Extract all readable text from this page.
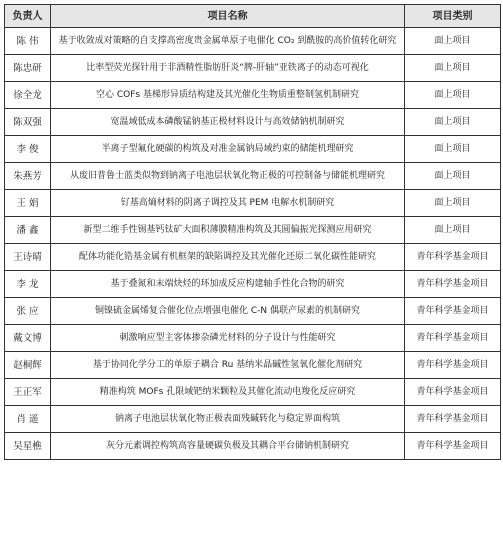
负责人	项目名称	项目类别
陈 伟	基于收敛成对策略的自支撑高密度贵金属单原子电催化 CO₂ 到酰胺的高价值转化研究	面上项目
陈忠研	比率型荧光探针用于非酒精性脂肪肝炎“脾-肝轴”亚铁离子的动态可视化	面上项目
徐全龙	空心 COFs 基梯形异质结构建及其光催化生物质重整制氢机制研究	面上项目
陈双强	宽温域低成本磷酸锰钠基正极材料设计与高效储钠机制研究	面上项目
李 俊	半离子型氟化硬碳的构筑及对准金属钠局域约束的储能机理研究	面上项目
朱燕芳	从废旧普鲁士蓝类似物到钠离子电池层状氧化物正极的可控制备与储能机理研究	面上项目
王 娟	钌基高熵材料的阴离子调控及其 PEM 电解水机制研究	面上项目
潘 鑫	新型二维手性锡基钙钛矿大面积薄膜精准构筑及其圆偏振光探测应用研究	面上项目
王诗晴	配体功能化锆基金属有机框架的缺陷调控及其光催化还原二氧化碳性能研究	青年科学基金项目
李 龙	基于叠氮和末端炔烃的环加成反应构建轴手性化合物的研究	青年科学基金项目
张 应	铜镍硫金属烯复合催化位点增强电催化 C-N 偶联产尿素的机制研究	青年科学基金项目
戴文博	刺激响应型主客体掺杂磷光材料的分子设计与性能研究	青年科学基金项目
赵桐辉	基于协同化学分工的单原子耦合 Ru 基纳米晶碱性氢氧化催化剂研究	青年科学基金项目
王正军	精准构筑 MOFs 孔限域钯纳米颗粒及其催化流动电羧化反应研究	青年科学基金项目
肖 遥	钠离子电池层状氧化物正极表面残碱转化与稳定界面构筑	青年科学基金项目
吴星樵	灰分元素调控构筑高容量硬碳负极及其耦合平台储钠机制研究	青年科学基金项目
